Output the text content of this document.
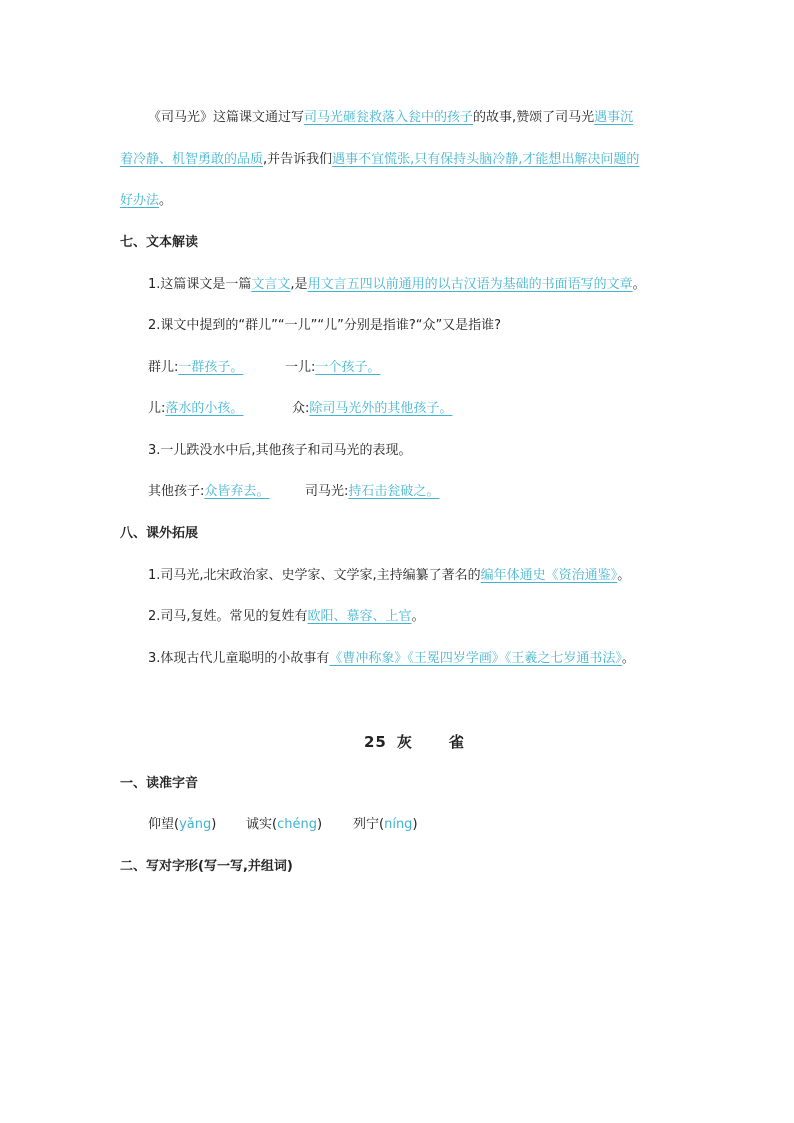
《司马光》这篇课文通过写司马光砸瓮救落入瓮中的孩子的故事,赞颂了司马光遇事沉
着冷静、机智勇敢的品质,并告诉我们遇事不宜慌张,只有保持头脑冷静,才能想出解决问题的
好办法。
七、文本解读
1.这篇课文是一篇文言文,是用文言五四以前通用的以古汉语为基础的书面语写的文章。
2.课文中提到的“群儿”“一儿”“儿”分别是指谁?“众”又是指谁?
群儿:一群孩子。	一儿:一个孩子。
儿:落水的小孩。	众:除司马光外的其他孩子。
3.一儿跌没水中后,其他孩子和司马光的表现。
其他孩子:众皆弃去。	司马光:持石击瓮破之。
八、课外拓展
1.司马光,北宋政治家、史学家、文学家,主持编纂了著名的编年体通史《资治通鉴》。
2.司马,复姓。常见的复姓有欧阳、慕容、上官。
3.体现古代儿童聪明的小故事有《曹冲称象》《王冕四岁学画》《王羲之七岁通书法》。
25 灰 雀
一、读准字音
仰望(yǎng) 诚实(chéng) 列宁(níng)
二、写对字形(写一写,并组词)
